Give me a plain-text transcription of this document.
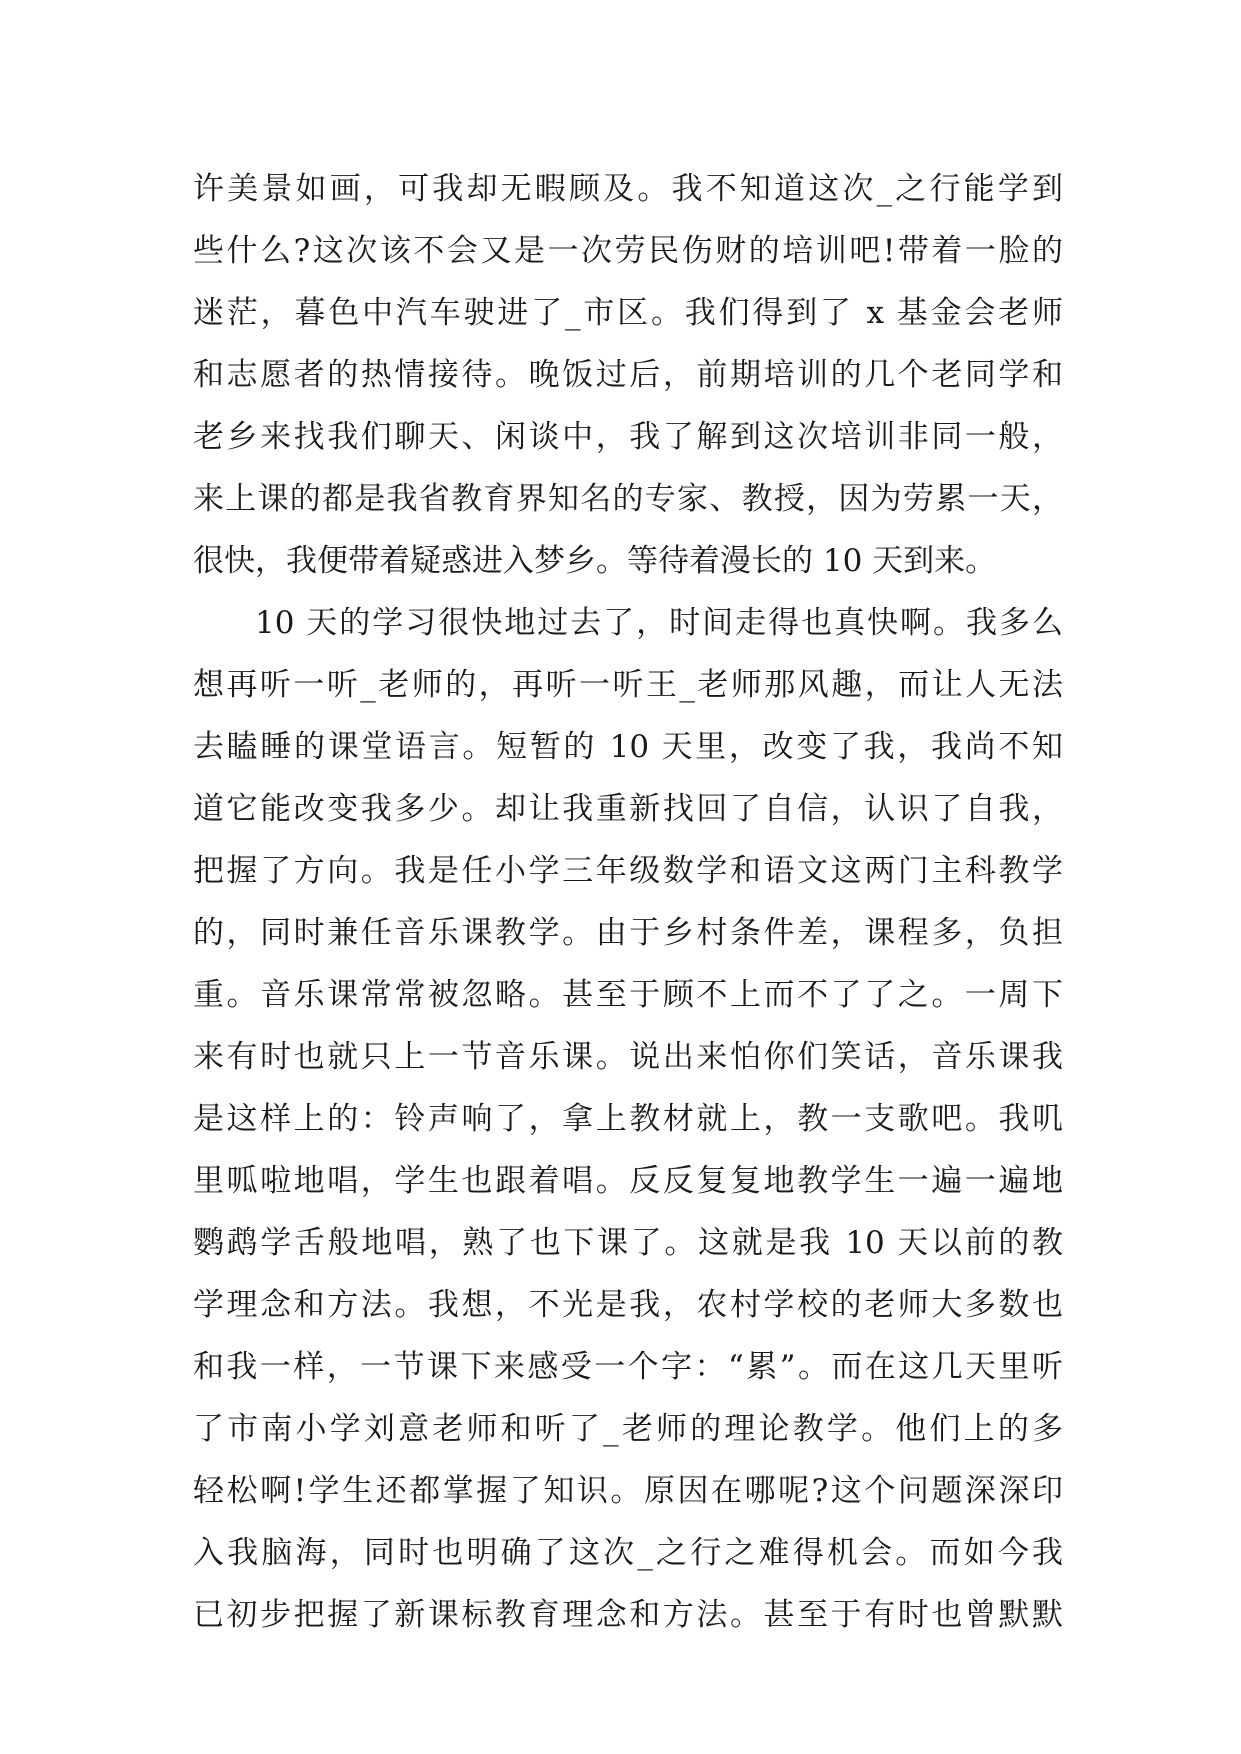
许美景如画，可我却无暇顾及。我不知道这次_之行能学到
些什么?这次该不会又是一次劳民伤财的培训吧!带着一脸的
迷茫，暮色中汽车驶进了_市区。我们得到了 x 基金会老师
和志愿者的热情接待。晚饭过后，前期培训的几个老同学和
老乡来找我们聊天、闲谈中，我了解到这次培训非同一般，
来上课的都是我省教育界知名的专家、教授，因为劳累一天，
很快，我便带着疑惑进入梦乡。等待着漫长的 10 天到来。
10 天的学习很快地过去了，时间走得也真快啊。我多么
想再听一听_老师的，再听一听王_老师那风趣，而让人无法
去瞌睡的课堂语言。短暂的 10 天里，改变了我，我尚不知
道它能改变我多少。却让我重新找回了自信，认识了自我，
把握了方向。我是任小学三年级数学和语文这两门主科教学
的，同时兼任音乐课教学。由于乡村条件差，课程多，负担
重。音乐课常常被忽略。甚至于顾不上而不了了之。一周下
来有时也就只上一节音乐课。说出来怕你们笑话，音乐课我
是这样上的：铃声响了，拿上教材就上，教一支歌吧。我叽
里呱啦地唱，学生也跟着唱。反反复复地教学生一遍一遍地
鹦鹉学舌般地唱，熟了也下课了。这就是我 10 天以前的教
学理念和方法。我想，不光是我，农村学校的老师大多数也
和我一样，一节课下来感受一个字：“累”。而在这几天里听
了市南小学刘意老师和听了_老师的理论教学。他们上的多
轻松啊!学生还都掌握了知识。原因在哪呢?这个问题深深印
入我脑海，同时也明确了这次_之行之难得机会。而如今我
已初步把握了新课标教育理念和方法。甚至于有时也曾默默
